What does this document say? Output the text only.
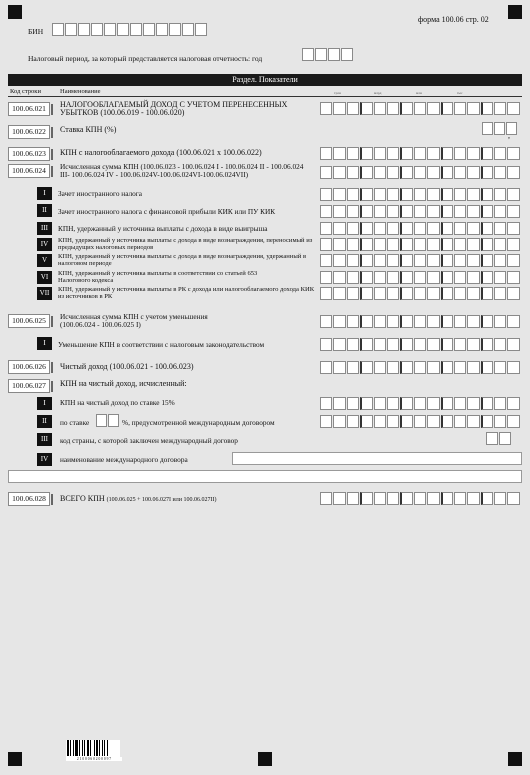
форма 100.06 стр. 02
БИН
Налоговый период, за который представляется налоговая отчетность: год
Раздел. Показатели
Код строки	Наименование	трлн	млрд	млн	тыс
100.06.021	НАЛОГООБЛАГАЕМЫЙ ДОХОД С УЧЕТОМ ПЕРЕНЕСЕННЫХ УБЫТКОВ (100.06.019 - 100.06.020)
100.06.022	Ставка КПН (%)
,
100.06.023	КПН с налогооблагаемого дохода (100.06.021 х 100.06.022)
100.06.024	Исчисленная сумма КПН (100.06.023 - 100.06.024 I - 100.06.024 II - 100.06.024 III- 100.06.024 IV - 100.06.024V-100.06.024VI-100.06.024VII)
I	Зачет иностранного налога
II	Зачет иностранного налога с финансовой прибыли КИК или ПУ КИК
III	КПН, удержанный у источника выплаты с дохода в виде выигрыша
IV	КПН, удержанный у источника выплаты с дохода в виде вознаграждения, переносимый из предыдущих налоговых периодов
V	КПН, удержанный у источника выплаты с дохода в виде вознаграждения, удержанный в налоговом периоде
VI	КПН, удержанный у источника выплаты в соответствии со статьей 653 Налогового кодекса
VII	КПН, удержанный у источника выплаты в РК с дохода или налогооблагаемого дохода КИК из источников в РК
100.06.025	Исчисленная сумма КПН с учетом уменьшения (100.06.024 - 100.06.025 I)
I	Уменьшение КПН в соответствии с налоговым законодательством
100.06.026	Чистый доход (100.06.021 - 100.06.023)
100.06.027	КПН на чистый доход, исчисленный:
I	КПН на чистый доход по ставке 15%
II	по ставке	%, предусмотренной международным договором
III	код страны, с которой заключен международный договор
IV	наименование международного договора
100.06.028	ВСЕГО КПН (100.06.025 + 100.06.027I или 100.06.027II)
2 1 0 0 0 6 0 2 0 0 0 9 7
